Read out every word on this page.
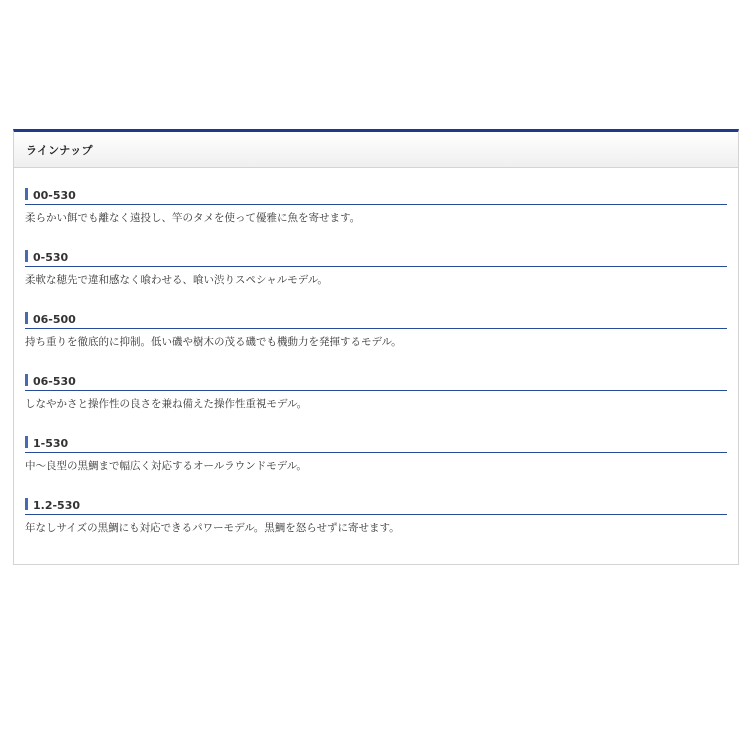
ラインナップ
00-530
柔らかい餌でも離なく遠投し、竿のタメを使って優雅に魚を寄せます。
0-530
柔軟な穂先で違和感なく喰わせる、喰い渋りスペシャルモデル。
06-500
持ち重りを徹底的に抑制。低い磯や樹木の茂る磯でも機動力を発揮するモデル。
06-530
しなやかさと操作性の良さを兼ね備えた操作性重視モデル。
1-530
中～良型の黒鯛まで幅広く対応するオールラウンドモデル。
1.2-530
年なしサイズの黒鯛にも対応できるパワーモデル。黒鯛を怒らせずに寄せます。
